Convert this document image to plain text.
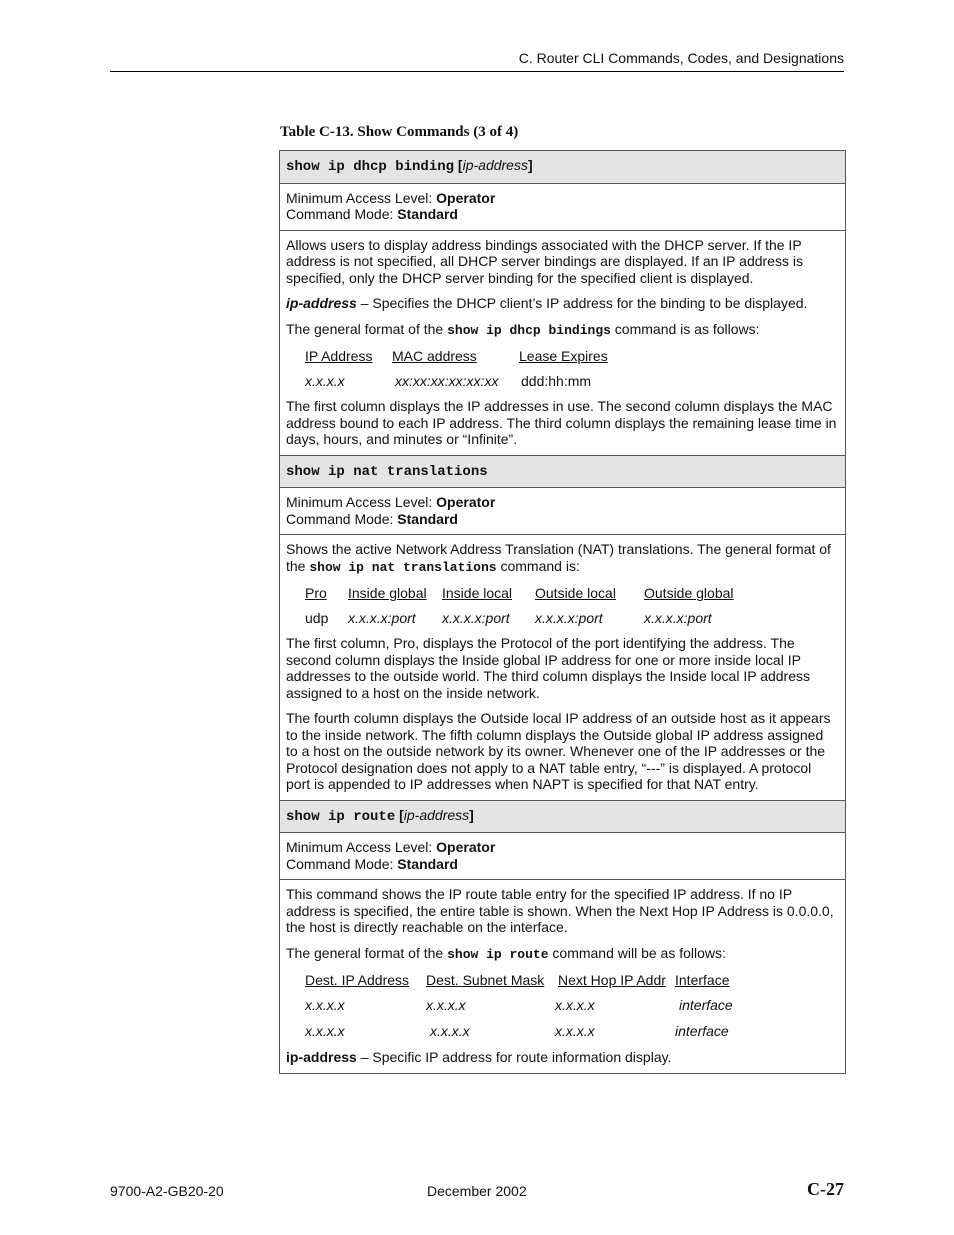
C. Router CLI Commands, Codes, and Designations
Table C-13. Show Commands (3 of 4)
show ip dhcp binding [ip-address]

Minimum Access Level: Operator
Command Mode: Standard

Allows users to display address bindings associated with the DHCP server. If the IP address is not specified, all DHCP server bindings are displayed. If an IP address is specified, only the DHCP server binding for the specified client is displayed.

ip-address – Specifies the DHCP client’s IP address for the binding to be displayed.

The general format of the show ip dhcp bindings command is as follows:

IP Address MAC address	Lease Expires
x.x.x.x	xx:xx:xx:xx:xx:xx ddd:hh:mm

The first column displays the IP addresses in use. The second column displays the MAC address bound to each IP address. The third column displays the remaining lease time in days, hours, and minutes or “Infinite”.

show ip nat translations

Minimum Access Level: Operator
Command Mode: Standard

Shows the active Network Address Translation (NAT) translations. The general format of the show ip nat translations command is:

Pro Inside global Inside local Outside local Outside global
udp x.x.x.x:port x.x.x.x:port x.x.x.x:port	x.x.x.x:port

The first column, Pro, displays the Protocol of the port identifying the address. The second column displays the Inside global IP address for one or more inside local IP addresses to the outside world. The third column displays the Inside local IP address assigned to a host on the inside network.

The fourth column displays the Outside local IP address of an outside host as it appears to the inside network. The fifth column displays the Outside global IP address assigned to a host on the outside network by its owner. Whenever one of the IP addresses or the Protocol designation does not apply to a NAT table entry, “---” is displayed. A protocol port is appended to IP addresses when NAPT is specified for that NAT entry.

show ip route [ip-address]

Minimum Access Level: Operator
Command Mode: Standard

This command shows the IP route table entry for the specified IP address. If no IP address is specified, the entire table is shown. When the Next Hop IP Address is 0.0.0.0, the host is directly reachable on the interface.

The general format of the show ip route command will be as follows:

Dest. IP Address Dest. Subnet Mask Next Hop IP Addr Interface
x.x.x.x	x.x.x.x	x.x.x.x	interface
x.x.x.x	x.x.x.x	x.x.x.x	interface

ip-address – Specific IP address for route information display.

9700-A2-GB20-20	December 2002	C-27
